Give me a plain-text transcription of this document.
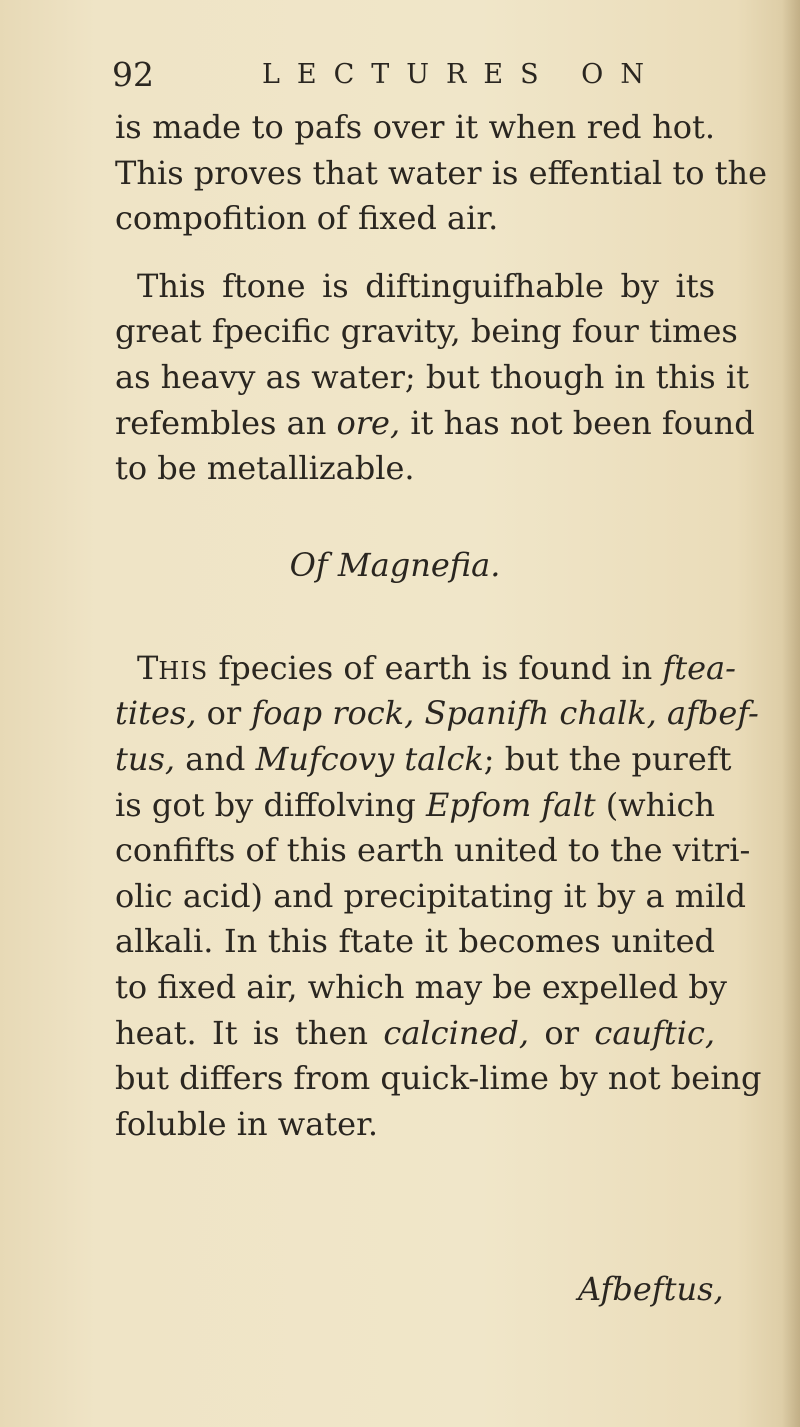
92	LECTURES ON
is made to pafs over it when red hot.
This proves that water is effential to the
compofition of fixed air.
This ftone is diftinguifhable by its
great fpecific gravity, being four times
as heavy as water; but though in this it
refembles an ore, it has not been found
to be metallizable.
Of Magnefia.
THIS fpecies of earth is found in ftea-
tites, or foap rock, Spanifh chalk, afbef-
tus, and Mufcovy talck; but the pureft
is got by diffolving Epfom falt (which
confifts of this earth united to the vitri-
olic acid) and precipitating it by a mild
alkali. In this ftate it becomes united
to fixed air, which may be expelled by
heat. It is then calcined, or cauftic,
but differs from quick-lime by not being
foluble in water.
Afbeftus,
